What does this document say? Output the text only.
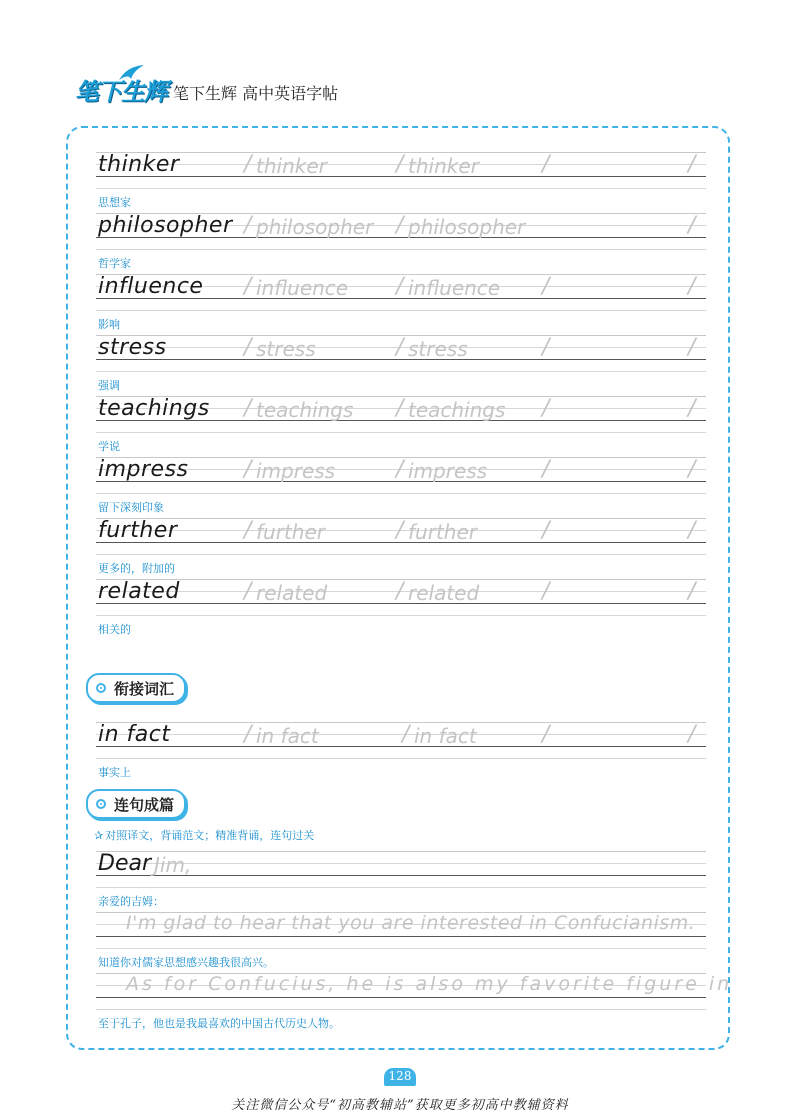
笔下生辉 笔下生辉 高中英语字帖
thinker	/ thinker	/ thinker	/	/
思想家
philosopher / philosopher / philosopher	/
哲学家
influence / influence / influence /	/
影响
stress	/ stress	/ stress	/	/
强调
teachings / teachings / teachings /	/
学说
impress	/ impress	/ impress /	/
留下深刻印象
further	/ further	/ further	/	/
更多的，附加的
related	/ related	/ related	/	/
相关的
衔接词汇
in fact	/ in fact	/ in fact	/	/
事实上
连句成篇
✰ 对照译文，背诵范文；精准背诵，连句过关
Dear Jim,
亲爱的吉姆：
I'm glad to hear that you are interested in Confucianism.
知道你对儒家思想感兴趣我很高兴。
As for Confucius, he is also my favorite figure in
至于孔子，他也是我最喜欢的中国古代历史人物。
128
关注微信公众号“初高教辅站”获取更多初高中教辅资料
